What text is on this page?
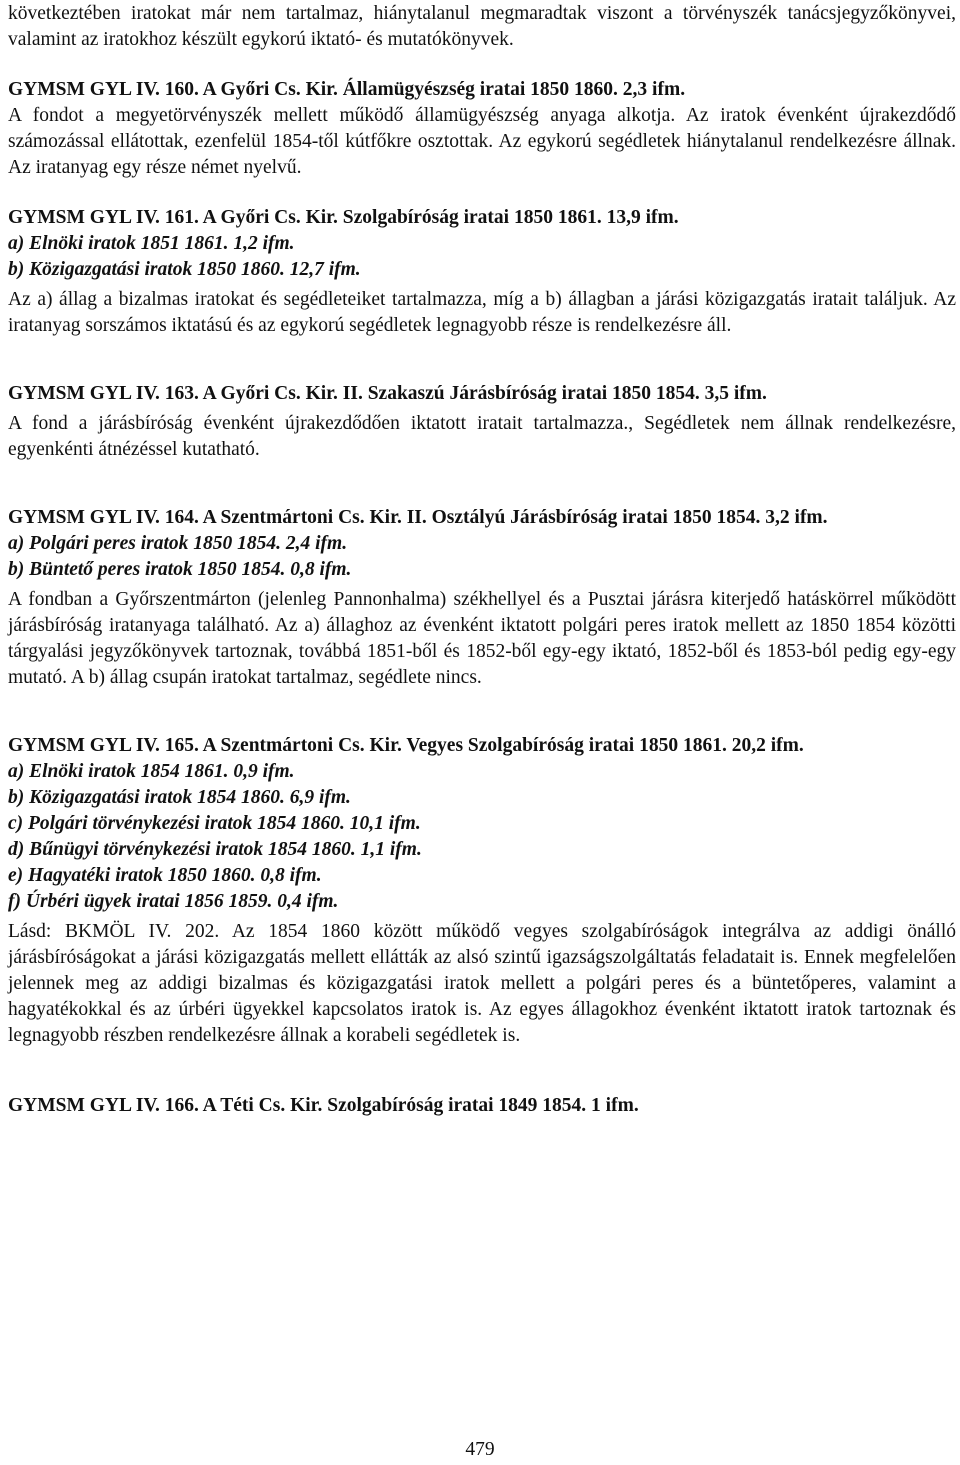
következtében iratokat már nem tartalmaz, hiánytalanul megmaradtak viszont a törvényszék tanácsjegyzőkönyvei, valamint az iratokhoz készült egykorú iktató- és mutatókönyvek.

GYMSM GYL IV. 160. A Győri Cs. Kir. Államügyészség iratai 1850 1860. 2,3 ifm.

A fondot a megyetörvényszék mellett működő államügyészség anyaga alkotja. Az iratok évenként újrakezdődő számozással ellátottak, ezenfelül 1854-től kútfőkre osztottak. Az egykorú segédletek hiánytalanul rendelkezésre állnak. Az iratanyag egy része német nyelvű.

GYMSM GYL IV. 161. A Győri Cs. Kir. Szolgabíróság iratai 1850 1861. 13,9 ifm.

a) Elnöki iratok 1851 1861. 1,2 ifm.

b) Közigazgatási iratok 1850 1860. 12,7 ifm.

Az a) állag a bizalmas iratokat és segédleteiket tartalmazza, míg a b) állagban a járási közigazgatás iratait találjuk. Az iratanyag sorszámos iktatású és az egykorú segédletek legnagyobb része is rendelkezésre áll.

GYMSM GYL IV. 163. A Győri Cs. Kir. II. Szakaszú Járásbíróság iratai 1850 1854. 3,5 ifm.

A fond a járásbíróság évenként újrakezdődően iktatott iratait tartalmazza., Segédletek nem állnak rendelkezésre, egyenkénti átnézéssel kutatható.

GYMSM GYL IV. 164. A Szentmártoni Cs. Kir. II. Osztályú Járásbíróság iratai 1850 1854. 3,2 ifm.

a) Polgári peres iratok 1850 1854. 2,4 ifm.

b) Büntető peres iratok 1850 1854. 0,8 ifm.

A fondban a Győrszentmárton (jelenleg Pannonhalma) székhellyel és a Pusztai járásra kiterjedő hatáskörrel működött járásbíróság iratanyaga található. Az a) állaghoz az évenként iktatott polgári peres iratok mellett az 1850 1854 közötti tárgyalási jegyzőkönyvek tartoznak, továbbá 1851-ből és 1852-ből egy-egy iktató, 1852-ből és 1853-ból pedig egy-egy mutató. A b) állag csupán iratokat tartalmaz, segédlete nincs.

GYMSM GYL IV. 165. A Szentmártoni Cs. Kir. Vegyes Szolgabíróság iratai 1850 1861. 20,2 ifm.

a) Elnöki iratok 1854 1861. 0,9 ifm.

b) Közigazgatási iratok 1854 1860. 6,9 ifm.

c) Polgári törvénykezési iratok 1854 1860. 10,1 ifm.

d) Bűnügyi törvénykezési iratok 1854 1860. 1,1 ifm.

e) Hagyatéki iratok 1850 1860. 0,8 ifm.

f) Úrbéri ügyek iratai 1856 1859. 0,4 ifm.

Lásd: BKMÖL IV. 202. Az 1854 1860 között működő vegyes szolgabíróságok integrálva az addigi önálló járásbíróságokat a járási közigazgatás mellett ellátták az alsó szintű igazságszolgáltatás feladatait is. Ennek megfelelően jelennek meg az addigi bizalmas és közigazgatási iratok mellett a polgári peres és a büntetőperes, valamint a hagyatékokkal és az úrbéri ügyekkel kapcsolatos iratok is. Az egyes állagokhoz évenként iktatott iratok tartoznak és legnagyobb részben rendelkezésre állnak a korabeli segédletek is.

GYMSM GYL IV. 166. A Téti Cs. Kir. Szolgabíróság iratai 1849 1854. 1 ifm.

479
